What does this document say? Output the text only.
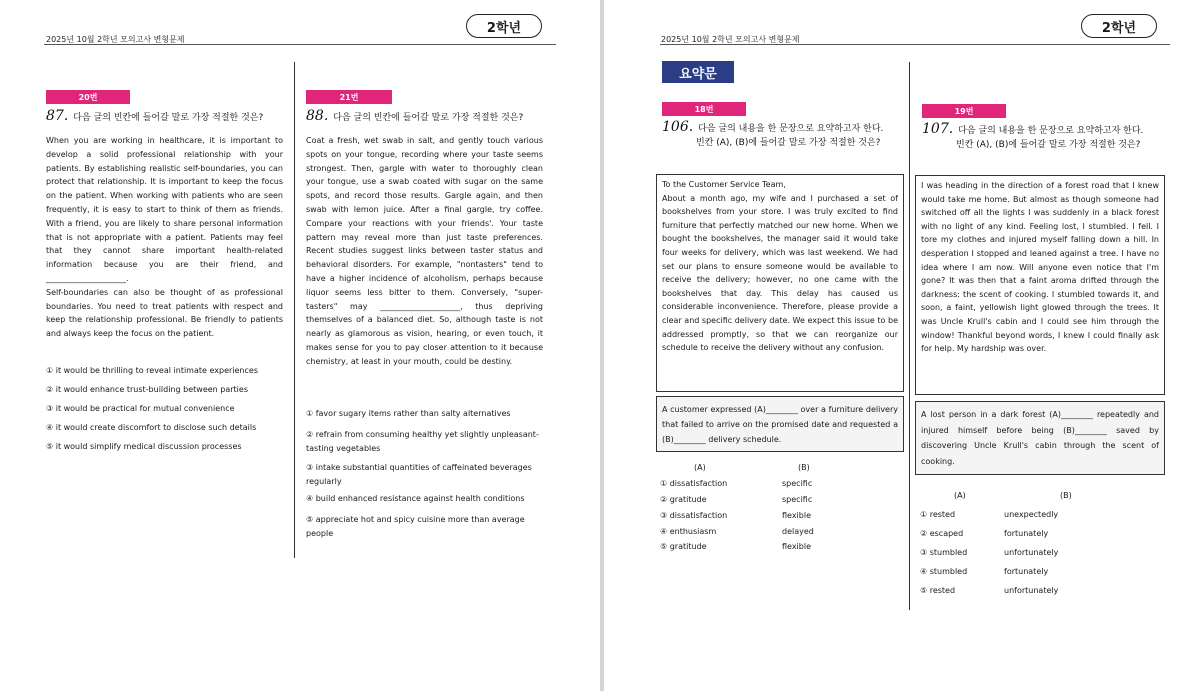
2학년
2025년 10월 2학년 모의고사 변형문제
20번
87. 다음 글의 빈칸에 들어갈 말로 가장 적절한 것은?
When you are working in healthcare, it is important to develop a solid professional relationship with your patients. By establishing realistic self-boundaries, you can protect that relationship. It is important to keep the focus on the patient. When working with patients who are seen frequently, it is easy to start to think of them as friends. With a friend, you are likely to share personal information that is not appropriate with a patient. Patients may feel that they cannot share important health-related information because you are their friend, and ____________________.
Self-boundaries can also be thought of as professional boundaries. You need to treat patients with respect and keep the relationship professional. Be friendly to patients and always keep the focus on the patient.
① it would be thrilling to reveal intimate experiences
② it would enhance trust-building between parties
③ it would be practical for mutual convenience
④ it would create discomfort to disclose such details
⑤ it would simplify medical discussion processes
21번
88. 다음 글의 빈칸에 들어갈 말로 가장 적절한 것은?
Coat a fresh, wet swab in salt, and gently touch various spots on your tongue, recording where your taste seems strongest. Then, gargle with water to thoroughly clean your tongue, use a swab coated with sugar on the same spots, and record those results. Gargle again, and then swab with lemon juice. After a final gargle, try coffee. Compare your reactions with your friends'. Your taste pattern may reveal more than just taste preferences. Recent studies suggest links between taster status and behavioral disorders. For example, "nontasters" tend to have a higher incidence of alcoholism, perhaps because liquor seems less bitter to them. Conversely, "super-tasters" may ____________________, thus depriving themselves of a balanced diet. So, although taste is not nearly as glamorous as vision, hearing, or even touch, it makes sense for you to pay closer attention to it because chemistry, at least in your mouth, could be destiny.
① favor sugary items rather than salty alternatives
② refrain from consuming healthy yet slightly unpleasant-tasting vegetables
③ intake substantial quantities of caffeinated beverages regularly
④ build enhanced resistance against health conditions
⑤ appreciate hot and spicy cuisine more than average people
2학년
2025년 10월 2학년 모의고사 변형문제
요약문
18번
106. 다음 글의 내용을 한 문장으로 요약하고자 한다.
빈칸 (A), (B)에 들어갈 말로 가장 적절한 것은?
To the Customer Service Team,
About a month ago, my wife and I purchased a set of bookshelves from your store. I was truly excited to find furniture that perfectly matched our new home. When we bought the bookshelves, the manager said it would take four weeks for delivery, which was last weekend. We had set our plans to ensure someone would be available to receive the delivery; however, no one came with the bookshelves that day. This delay has caused us considerable inconvenience. Therefore, please provide a clear and specific delivery date. We expect this issue to be addressed promptly, so that we can reorganize our schedule to receive the delivery without any confusion.
A customer expressed (A)________ over a furniture delivery that failed to arrive on the promised date and requested a (B)________ delivery schedule.
(A)	(B)
① dissatisfaction	specific
② gratitude	specific
③ dissatisfaction	flexible
④ enthusiasm	delayed
⑤ gratitude	flexible
19번
107. 다음 글의 내용을 한 문장으로 요약하고자 한다.
빈칸 (A), (B)에 들어갈 말로 가장 적절한 것은?
I was heading in the direction of a forest road that I knew would take me home. But almost as though someone had switched off all the lights I was suddenly in a black forest with no light of any kind. Feeling lost, I stumbled. I fell. I tore my clothes and injured myself falling down a hill. In desperation I stopped and leaned against a tree. I have no idea where I am now. Will anyone even notice that I'm gone? It was then that a faint aroma drifted through the darkness: the scent of cooking. I stumbled towards it, and soon, a faint, yellowish light glowed through the trees. It was Uncle Krull's cabin and I could see him through the window! Thankful beyond words, I knew I could finally ask for help. My hardship was over.
A lost person in a dark forest (A)________ repeatedly and injured himself before being (B)________ saved by discovering Uncle Krull's cabin through the scent of cooking.
(A)	(B)
① rested	unexpectedly
② escaped	fortunately
③ stumbled	unfortunately
④ stumbled	fortunately
⑤ rested	unfortunately
